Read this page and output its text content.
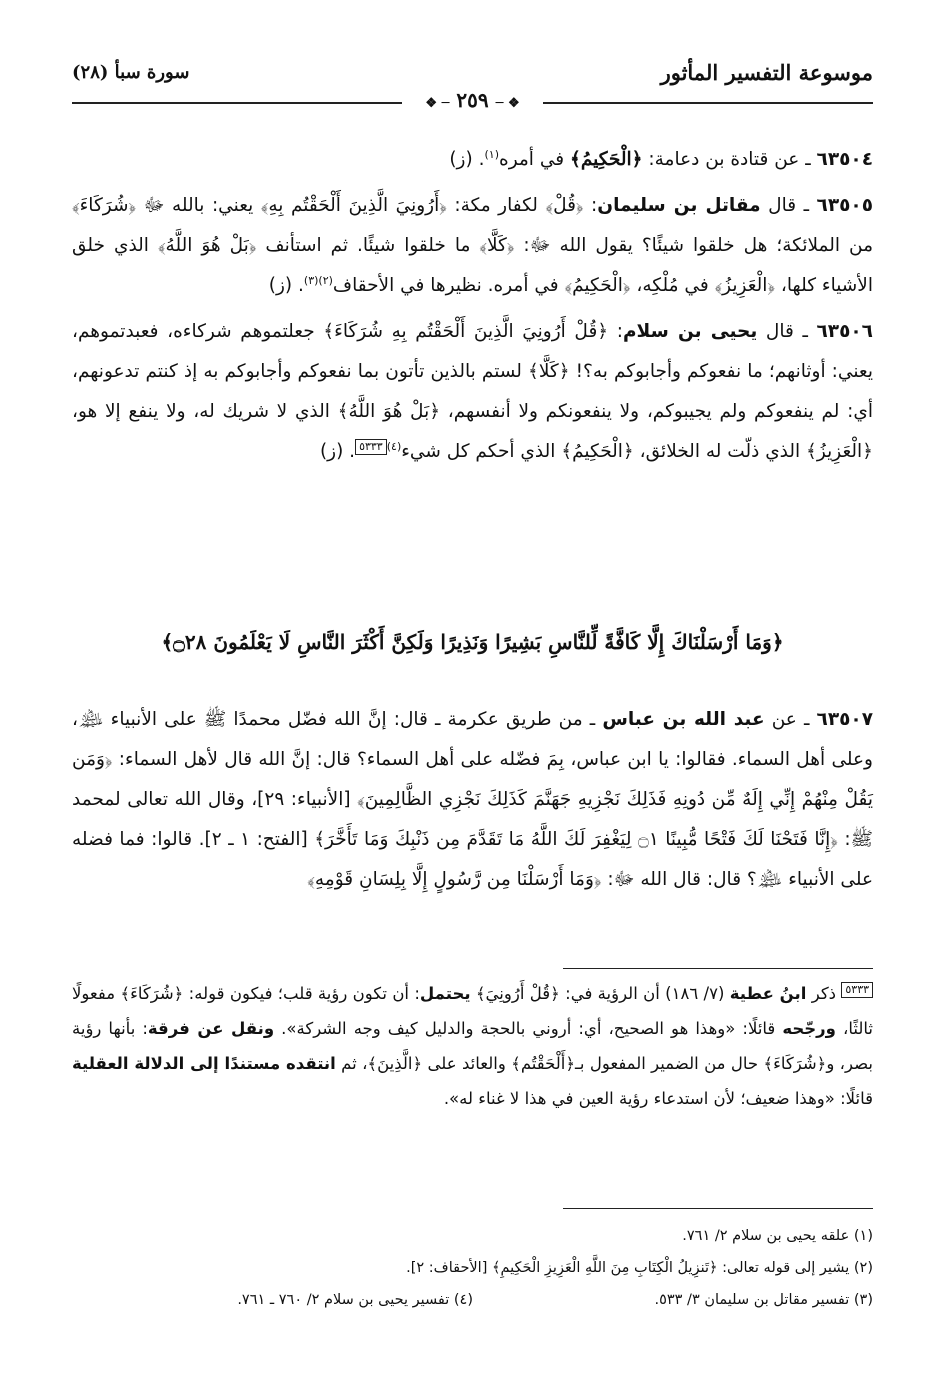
موسوعة التفسير المأثور
سورة سبأ (٢٨)
❖ ─ ٢٥٩ ─ ❖

٦٣٥٠٤ ـ عن قتادة بن دعامة: ﴿الْحَكِيمُ﴾ في أمره$^{(١)}$. (ز)

٦٣٥٠٥ ـ قال مقاتل بن سليمان: ﴿قُلْ﴾ لكفار مكة: ﴿أَرُونِيَ الَّذِينَ أَلْحَقْتُم بِهِ﴾ يعني: بالله ﷻ ﴿شُرَكَاءَ﴾ من الملائكة؛ هل خلقوا شيئًا؟ يقول الله ﷻ: ﴿كَلَّا﴾ ما خلقوا شيئًا. ثم استأنف ﴿بَلْ هُوَ اللَّهُ﴾ الذي خلق الأشياء كلها، ﴿الْعَزِيزُ﴾ في مُلْكِه، ﴿الْحَكِيمُ﴾ في أمره. نظيرها في الأحقاف$^{(٢)(٣)}$. (ز)

٦٣٥٠٦ ـ قال يحيى بن سلام: ﴿قُلْ أَرُونِيَ الَّذِينَ أَلْحَقْتُم بِهِ شُرَكَاءَ﴾ جعلتموهم شركاءه، فعبدتموهم، يعني: أوثانهم؛ ما نفعوكم وأجابوكم به؟! ﴿كَلَّا﴾ لستم بالذين تأتون بما نفعوكم وأجابوكم به إذ كنتم تدعونهم، أي: لم ينفعوكم ولم يجيبوكم، ولا ينفعونكم ولا أنفسهم، ﴿بَلْ هُوَ اللَّهُ﴾ الذي لا شريك له، ولا ينفع إلا هو، ﴿الْعَزِيزُ﴾ الذي ذلّت له الخلائق، ﴿الْحَكِيمُ﴾ الذي أحكم كل شيء$^{(٤)}$٥٣٣٣. (ز)

﴿وَمَا أَرْسَلْنَاكَ إِلَّا كَافَّةً لِّلنَّاسِ بَشِيرًا وَنَذِيرًا وَلَكِنَّ أَكْثَرَ النَّاسِ لَا يَعْلَمُونَ ۝٢٨﴾

٦٣٥٠٧ ـ عن عبد الله بن عباس ـ من طريق عكرمة ـ قال: إنَّ الله فضّل محمدًا ﷺ على الأنبياء ﵈، وعلى أهل السماء. فقالوا: يا ابن عباس، بِمَ فضّله على أهل السماء؟ قال: إنَّ الله قال لأهل السماء: ﴿وَمَن يَقُلْ مِنْهُمْ إِنِّي إِلَهٌ مِّن دُونِهِ فَذَلِكَ نَجْزِيهِ جَهَنَّمَ كَذَلِكَ نَجْزِي الظَّالِمِينَ﴾ [الأنبياء: ٢٩]، وقال الله تعالى لمحمد ﷺ: ﴿إِنَّا فَتَحْنَا لَكَ فَتْحًا مُّبِينًا ۝١ لِيَغْفِرَ لَكَ اللَّهُ مَا تَقَدَّمَ مِن ذَنْبِكَ وَمَا تَأَخَّرَ﴾ [الفتح: ١ ـ ٢]. قالوا: فما فضله على الأنبياء ﵈؟ قال: قال الله ﷻ: ﴿وَمَا أَرْسَلْنَا مِن رَّسُولٍ إِلَّا بِلِسَانِ قَوْمِهِ﴾

٥٣٣٣ ذكر ابنُ عطية (٧/ ١٨٦) أن الرؤية في: ﴿قُلْ أَرُونِيَ﴾ يحتمل: أن تكون رؤية قلب؛ فيكون قوله: ﴿شُرَكَاءَ﴾ مفعولًا ثالثًا، ورجّحه قائلًا: «وهذا هو الصحيح، أي: أروني بالحجة والدليل كيف وجه الشركة». ونقل عن فرقة: بأنها رؤية بصر، و﴿شُرَكَاءَ﴾ حال من الضمير المفعول بـ﴿أَلْحَقْتُم﴾ والعائد على ﴿الَّذِينَ﴾، ثم انتقده مستندًا إلى الدلالة العقلية قائلًا: «وهذا ضعيف؛ لأن استدعاء رؤية العين في هذا لا غناء له».
(١) علقه يحيى بن سلام ٢/ ٧٦١.
(٢) يشير إلى قوله تعالى: ﴿تَنزِيلُ الْكِتَابِ مِنَ اللَّهِ الْعَزِيزِ الْحَكِيمِ﴾ [الأحقاف: ٢].
(٣) تفسير مقاتل بن سليمان ٣/ ٥٣٣.
(٤) تفسير يحيى بن سلام ٢/ ٧٦٠ ـ ٧٦١.
